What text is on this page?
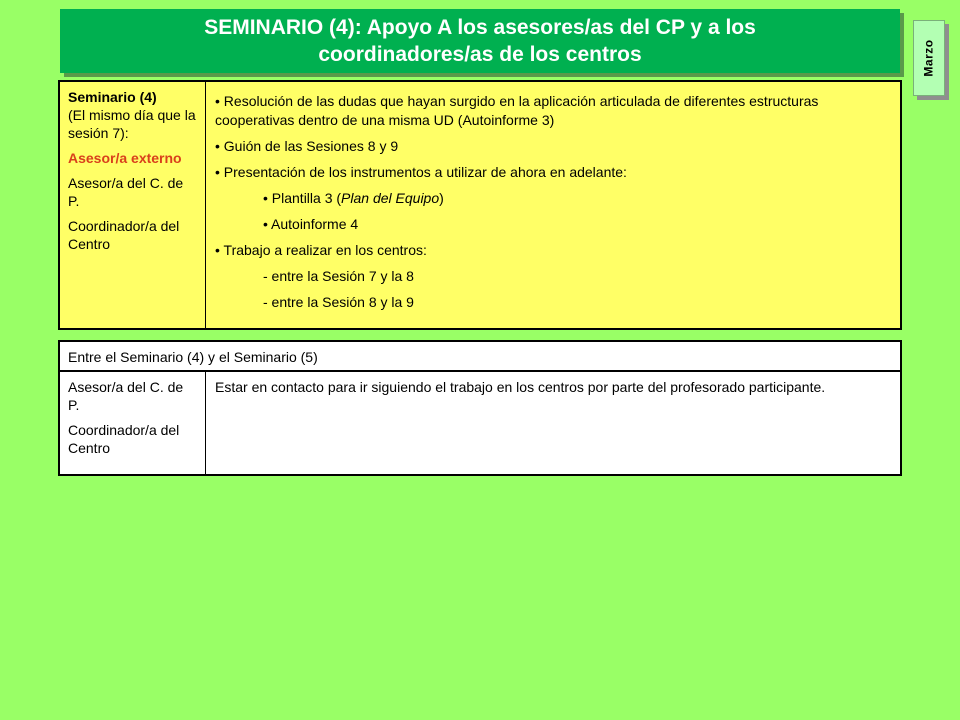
SEMINARIO (4): Apoyo A los asesores/as del CP y a los
coordinadores/as de los centros	Marzo
Seminario (4)
(El mismo día que la sesión 7):
Asesor/a externo
Asesor/a del C. de P.
Coordinador/a del Centro
• Resolución de las dudas que hayan surgido en la aplicación articulada de diferentes estructuras cooperativas dentro de una misma UD (Autoinforme 3)
• Guión de las Sesiones 8 y 9
• Presentación de los instrumentos a utilizar de ahora en adelante:
• Plantilla 3 (Plan del Equipo)
• Autoinforme 4
• Trabajo a realizar en los centros:
- entre la Sesión 7 y la 8
- entre la Sesión 8 y la 9
Entre el Seminario (4) y el Seminario (5)
Asesor/a del C. de P.
Coordinador/a del Centro
Estar en contacto para ir siguiendo el trabajo en los centros por parte del profesorado participante.
